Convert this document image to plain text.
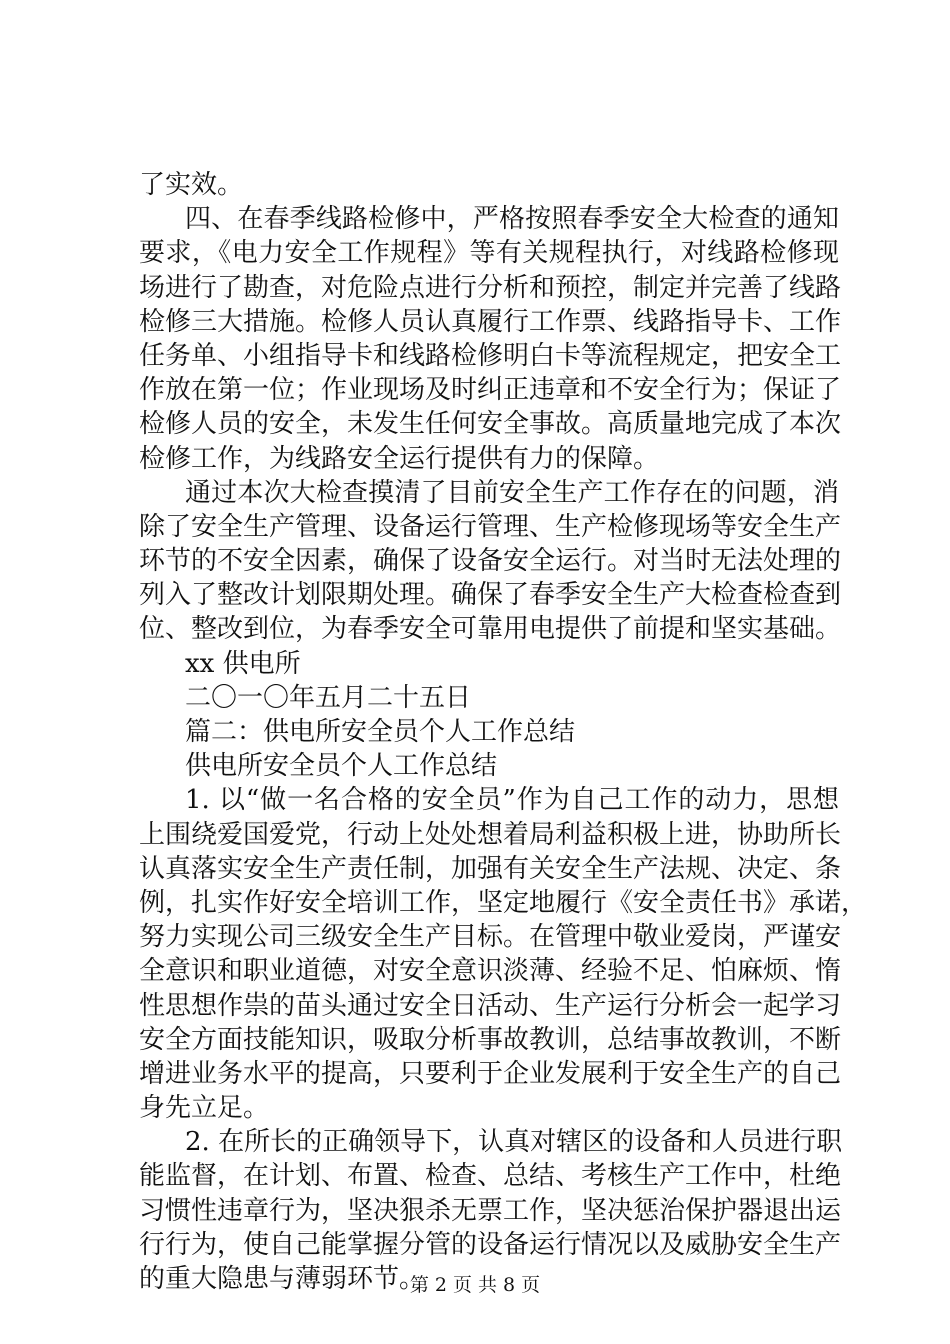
了实效。
四、在春季线路检修中，严格按照春季安全大检查的通知
要求，《电力安全工作规程》等有关规程执行，对线路检修现
场进行了勘查，对危险点进行分析和预控，制定并完善了线路
检修三大措施。检修人员认真履行工作票、线路指导卡、工作
任务单、小组指导卡和线路检修明白卡等流程规定，把安全工
作放在第一位；作业现场及时纠正违章和不安全行为；保证了
检修人员的安全，未发生任何安全事故。高质量地完成了本次
检修工作，为线路安全运行提供有力的保障。
通过本次大检查摸清了目前安全生产工作存在的问题，消
除了安全生产管理、设备运行管理、生产检修现场等安全生产
环节的不安全因素，确保了设备安全运行。对当时无法处理的
列入了整改计划限期处理。确保了春季安全生产大检查检查到
位、整改到位，为春季安全可靠用电提供了前提和坚实基础。
xx 供电所
二〇一〇年五月二十五日
篇二：供电所安全员个人工作总结
供电所安全员个人工作总结
1. 以“做一名合格的安全员”作为自己工作的动力，思想
上围绕爱国爱党，行动上处处想着局利益积极上进，协助所长
认真落实安全生产责任制，加强有关安全生产法规、决定、条
例，扎实作好安全培训工作，坚定地履行《安全责任书》承诺，
努力实现公司三级安全生产目标。在管理中敬业爱岗，严谨安
全意识和职业道德，对安全意识淡薄、经验不足、怕麻烦、惰
性思想作祟的苗头通过安全日活动、生产运行分析会一起学习
安全方面技能知识，吸取分析事故教训，总结事故教训，不断
增进业务水平的提高，只要利于企业发展利于安全生产的自己
身先立足。
2. 在所长的正确领导下，认真对辖区的设备和人员进行职
能监督，在计划、布置、检查、总结、考核生产工作中，杜绝
习惯性违章行为，坚决狠杀无票工作，坚决惩治保护器退出运
行行为，使自己能掌握分管的设备运行情况以及威胁安全生产
的重大隐患与薄弱环节。
第 2 页 共 8 页
